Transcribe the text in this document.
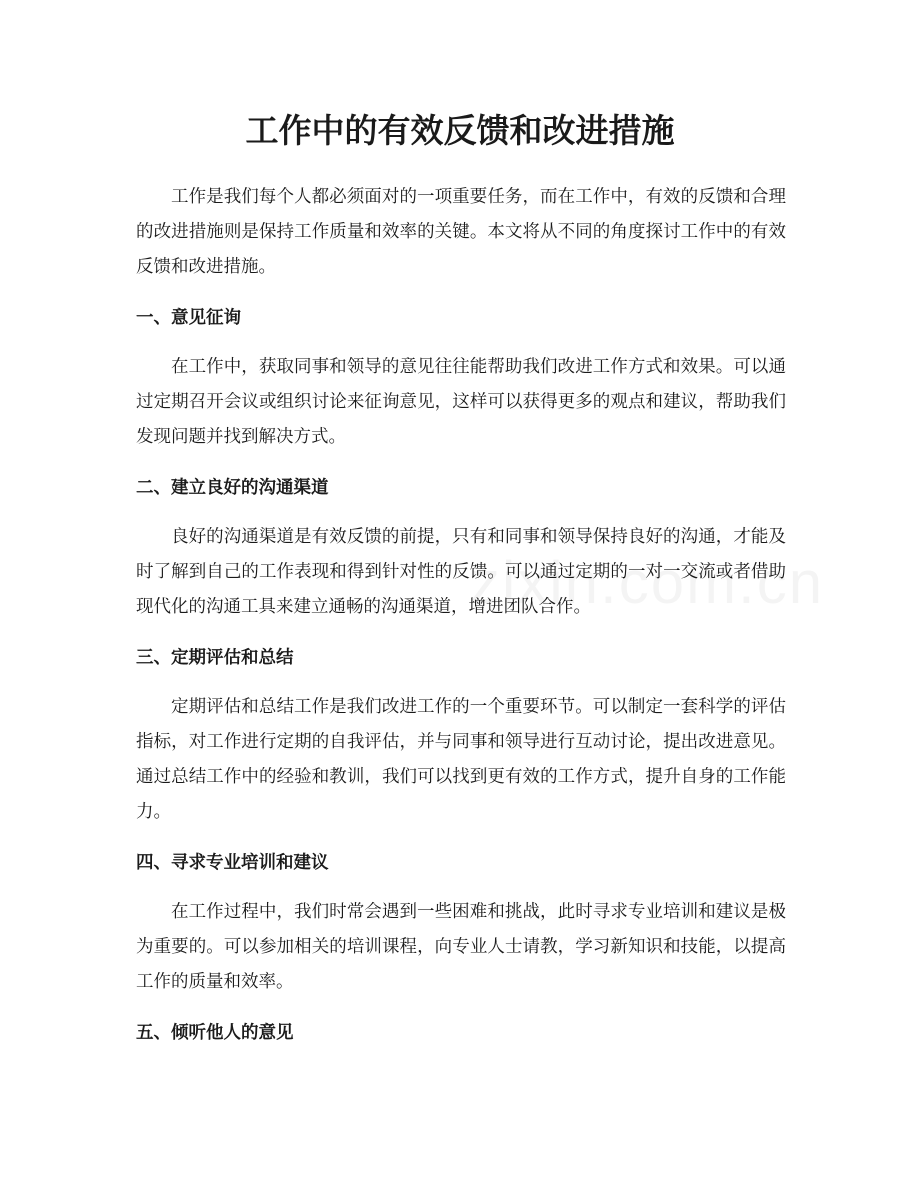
工作中的有效反馈和改进措施

工作是我们每个人都必须面对的一项重要任务，而在工作中，有效的反馈和合理的改进措施则是保持工作质量和效率的关键。本文将从不同的角度探讨工作中的有效反馈和改进措施。

一、意见征询

在工作中，获取同事和领导的意见往往能帮助我们改进工作方式和效果。可以通过定期召开会议或组织讨论来征询意见，这样可以获得更多的观点和建议，帮助我们发现问题并找到解决方式。

二、建立良好的沟通渠道

良好的沟通渠道是有效反馈的前提，只有和同事和领导保持良好的沟通，才能及时了解到自己的工作表现和得到针对性的反馈。可以通过定期的一对一交流或者借助现代化的沟通工具来建立通畅的沟通渠道，增进团队合作。

三、定期评估和总结

定期评估和总结工作是我们改进工作的一个重要环节。可以制定一套科学的评估指标，对工作进行定期的自我评估，并与同事和领导进行互动讨论，提出改进意见。通过总结工作中的经验和教训，我们可以找到更有效的工作方式，提升自身的工作能力。

四、寻求专业培训和建议

在工作过程中，我们时常会遇到一些困难和挑战，此时寻求专业培训和建议是极为重要的。可以参加相关的培训课程，向专业人士请教，学习新知识和技能，以提高工作的质量和效率。

五、倾听他人的意见
